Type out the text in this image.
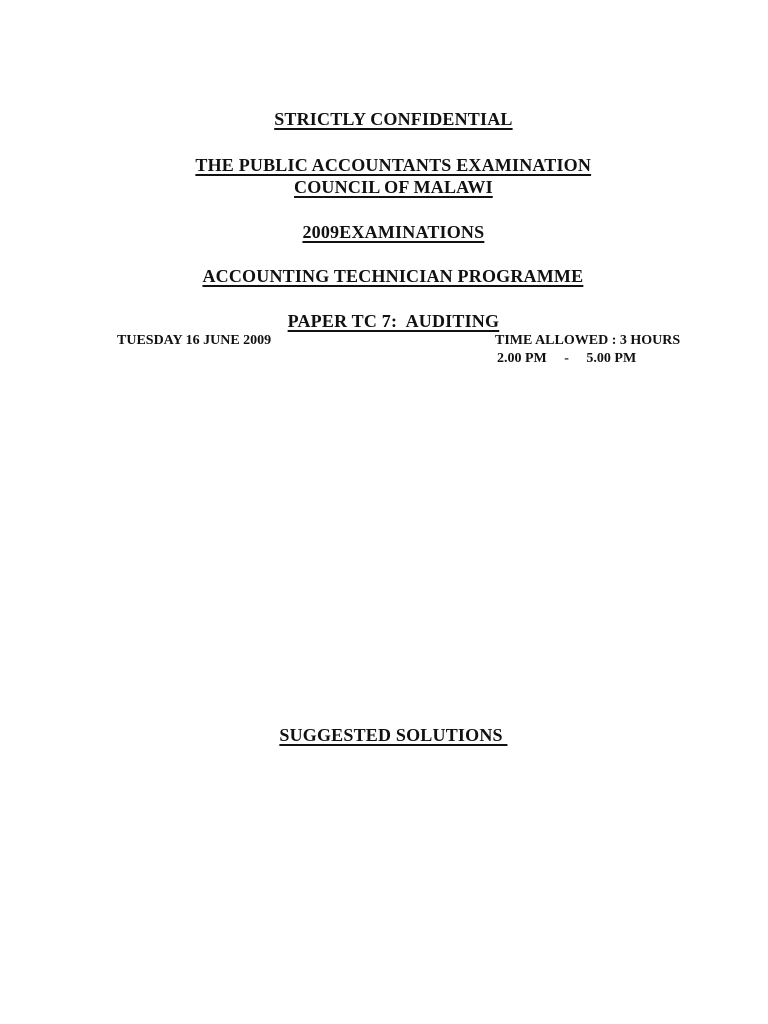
STRICTLY CONFIDENTIAL

THE PUBLIC ACCOUNTANTS EXAMINATION

COUNCIL OF MALAWI

2009EXAMINATIONS

ACCOUNTING TECHNICIAN PROGRAMME

PAPER TC 7:  AUDITING

TUESDAY 16 JUNE 2009	TIME ALLOWED : 3 HOURS
2.00 PM     -     5.00 PM

SUGGESTED SOLUTIONS
